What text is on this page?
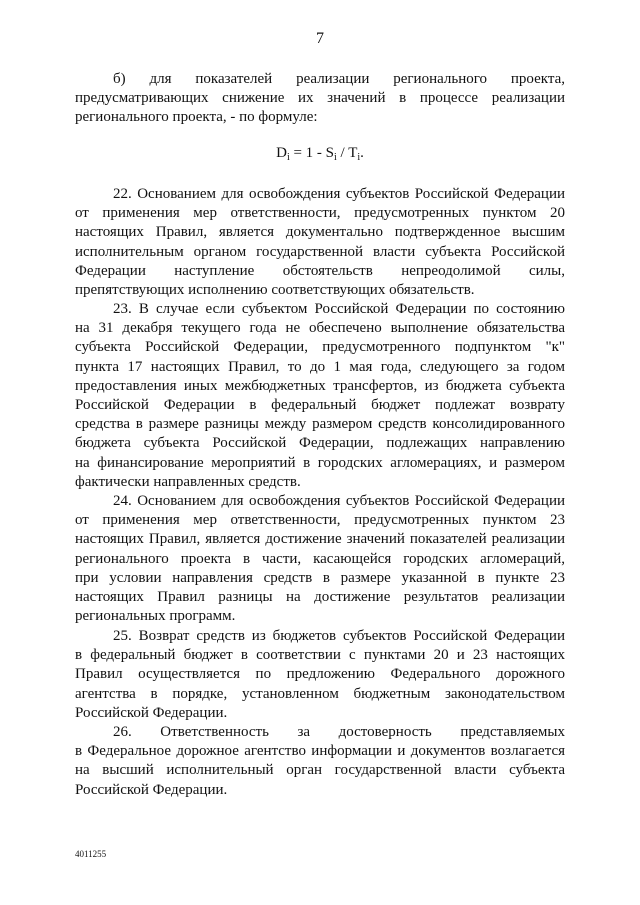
7
б) для показателей реализации регионального проекта,
предусматривающих снижение их значений в процессе реализации
регионального проекта, - по формуле:
$D_i = 1 - S_i / T_i$.
22. Основанием для освобождения субъектов Российской Федерации
от применения мер ответственности, предусмотренных пунктом 20
настоящих Правил, является документально подтвержденное высшим
исполнительным органом государственной власти субъекта Российской
Федерации наступление обстоятельств непреодолимой силы,
препятствующих исполнению соответствующих обязательств.
23. В случае если субъектом Российской Федерации по состоянию
на 31 декабря текущего года не обеспечено выполнение обязательства
субъекта Российской Федерации, предусмотренного подпунктом "к"
пункта 17 настоящих Правил, то до 1 мая года, следующего за годом
предоставления иных межбюджетных трансфертов, из бюджета субъекта
Российской Федерации в федеральный бюджет подлежат возврату
средства в размере разницы между размером средств консолидированного
бюджета субъекта Российской Федерации, подлежащих направлению
на финансирование мероприятий в городских агломерациях, и размером
фактически направленных средств.
24. Основанием для освобождения субъектов Российской Федерации
от применения мер ответственности, предусмотренных пунктом 23
настоящих Правил, является достижение значений показателей реализации
регионального проекта в части, касающейся городских агломераций,
при условии направления средств в размере указанной в пункте 23
настоящих Правил разницы на достижение результатов реализации
региональных программ.
25. Возврат средств из бюджетов субъектов Российской Федерации
в федеральный бюджет в соответствии с пунктами 20 и 23 настоящих
Правил осуществляется по предложению Федерального дорожного
агентства в порядке, установленном бюджетным законодательством
Российской Федерации.
26. Ответственность за достоверность представляемых
в Федеральное дорожное агентство информации и документов возлагается
на высший исполнительный орган государственной власти субъекта
Российской Федерации.
4011255
